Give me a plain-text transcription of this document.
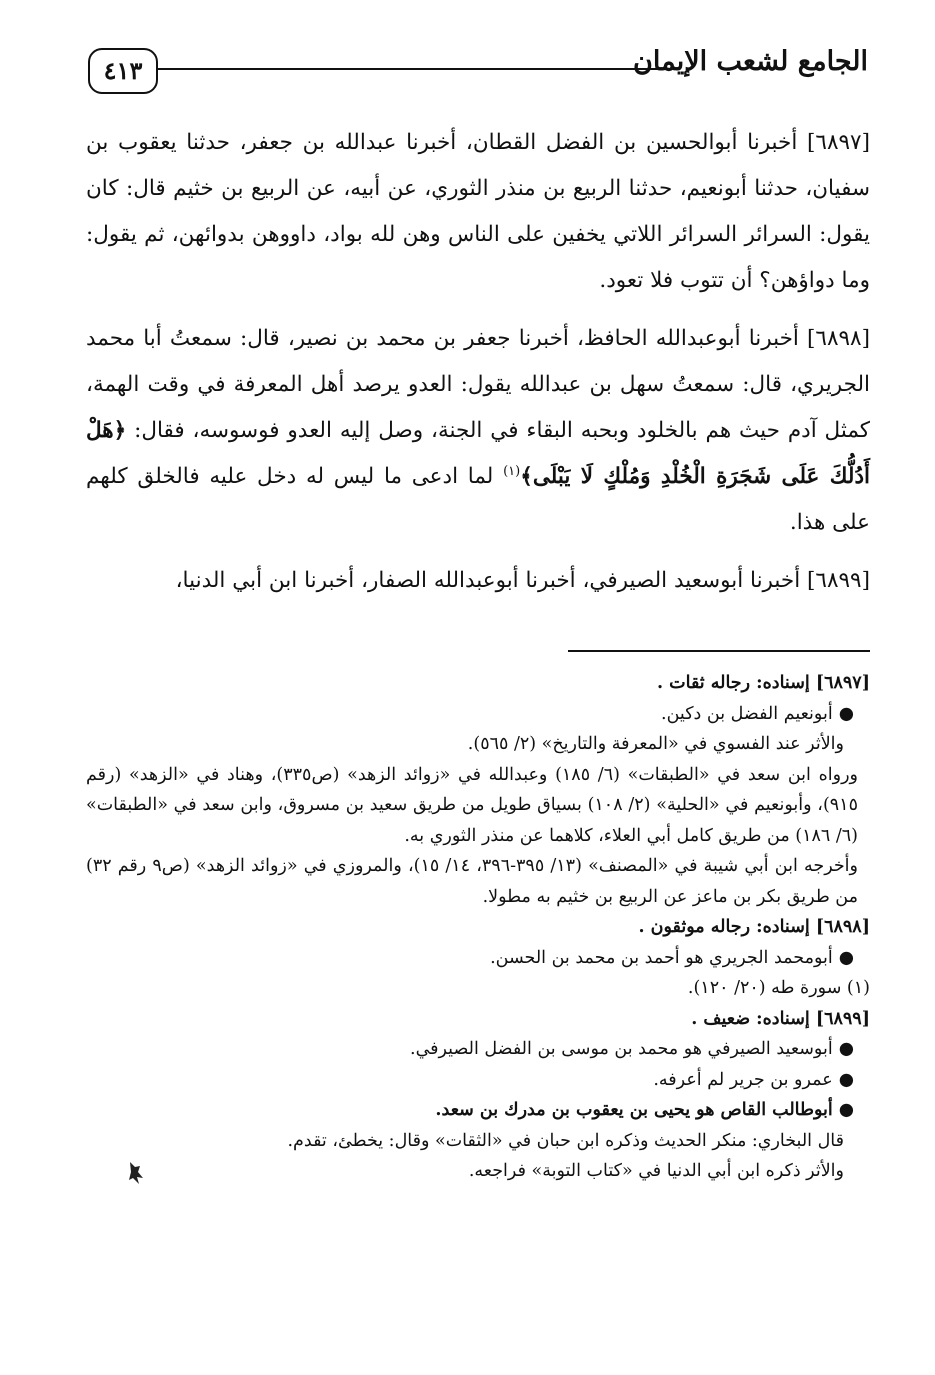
٤١٣	الجامع لشعب الإيمان

[٦٨٩٧] أخبرنا أبوالحسين بن الفضل القطان، أخبرنا عبدالله بن جعفر، حدثنا يعقوب بن سفيان، حدثنا أبونعيم، حدثنا الربيع بن منذر الثوري، عن أبيه، عن الربيع بن خثيم قال: كان يقول: السرائر السرائر اللاتي يخفين على الناس وهن لله بواد، داووهن بدوائهن، ثم يقول: وما دواؤهن؟ أن تتوب فلا تعود.

[٦٨٩٨] أخبرنا أبوعبدالله الحافظ، أخبرنا جعفر بن محمد بن نصير، قال: سمعتُ أبا محمد الجريري، قال: سمعتُ سهل بن عبدالله يقول: العدو يرصد أهل المعرفة في وقت الهمة، كمثل آدم حيث هم بالخلود وبحبه البقاء في الجنة، وصل إليه العدو فوسوسه، فقال: ﴿هَلْ أَدُلُّكَ عَلَى شَجَرَةِ الْخُلْدِ وَمُلْكٍ لَا يَبْلَى﴾$^{(١)}$ لما ادعى ما ليس له دخل عليه فالخلق كلهم على هذا.

[٦٨٩٩] أخبرنا أبوسعيد الصيرفي، أخبرنا أبوعبدالله الصفار، أخبرنا ابن أبي الدنيا،

[٦٨٩٧] إسناده: رجاله ثقات .

●أبونعيم الفضل بن دكين.

والأثر عند الفسوي في «المعرفة والتاريخ» (٢/ ٥٦٥).

ورواه ابن سعد في «الطبقات» (٦/ ١٨٥) وعبدالله في «زوائد الزهد» (ص٣٣٥)، وهناد في «الزهد» (رقم ٩١٥)، وأبونعيم في «الحلية» (٢/ ١٠٨) بسياق طويل من طريق سعيد بن مسروق، وابن سعد في «الطبقات» (٦/ ١٨٦) من طريق كامل أبي العلاء، كلاهما عن منذر الثوري به.

وأخرجه ابن أبي شيبة في «المصنف» (١٣/ ٣٩٥-٣٩٦، ١٤/ ١٥)، والمروزي في «زوائد الزهد» (ص٩ رقم ٣٢) من طريق بكر بن ماعز عن الربيع بن خثيم به مطولا.

[٦٨٩٨] إسناده: رجاله موثقون .

●أبومحمد الجريري هو أحمد بن محمد بن الحسن.

(١) سورة طه (٢٠/ ١٢٠).

[٦٨٩٩] إسناده: ضعيف .

●أبوسعيد الصيرفي هو محمد بن موسى بن الفضل الصيرفي.

●عمرو بن جرير لم أعرفه.

●أبوطالب القاص هو يحيى بن يعقوب بن مدرك بن سعد.

قال البخاري: منكر الحديث وذكره ابن حبان في «الثقات» وقال: يخطئ، تقدم.

والأثر ذكره ابن أبي الدنيا في «كتاب التوبة» فراجعه.
